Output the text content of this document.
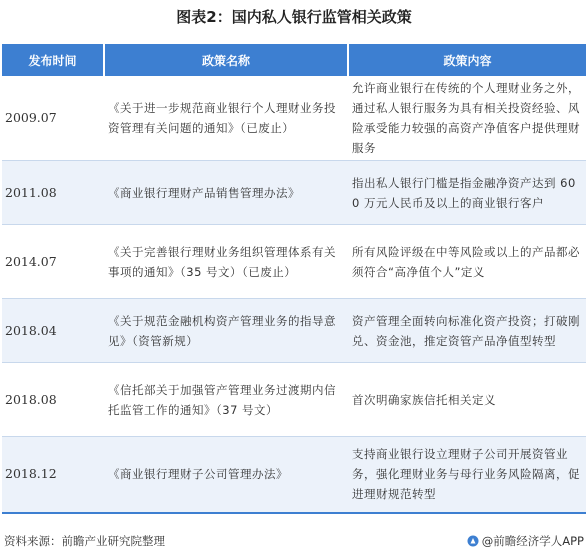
图表2：国内私人银行监管相关政策
发布时间	政策名称	政策内容
2009.07	《关于进一步规范商业银行个人理财业务投资管理有关问题的通知》（已废止）	允许商业银行在传统的个人理财业务之外，通过私人银行服务为具有相关投资经验、风险承受能力较强的高资产净值客户提供理财服务
2011.08	《商业银行理财产品销售管理办法》	指出私人银行门槛是指金融净资产达到 600 万元人民币及以上的商业银行客户
2014.07	《关于完善银行理财业务组织管理体系有关事项的通知》（35 号文）（已废止）	所有风险评级在中等风险或以上的产品都必须符合“高净值个人”定义
2018.04	《关于规范金融机构资产管理业务的指导意见》（资管新规）	资产管理全面转向标准化资产投资；打破刚兑、资金池，推定资管产品净值型转型
2018.08	《信托部关于加强管产管理业务过渡期内信托监管工作的通知》（37 号文）	首次明确家族信托相关定义
2018.12	《商业银行理财子公司管理办法》	支持商业银行设立理财子公司开展资管业务，强化理财业务与母行业务风险隔离，促进理财规范转型
资料来源：前瞻产业研究院整理	@前瞻经济学人APP
